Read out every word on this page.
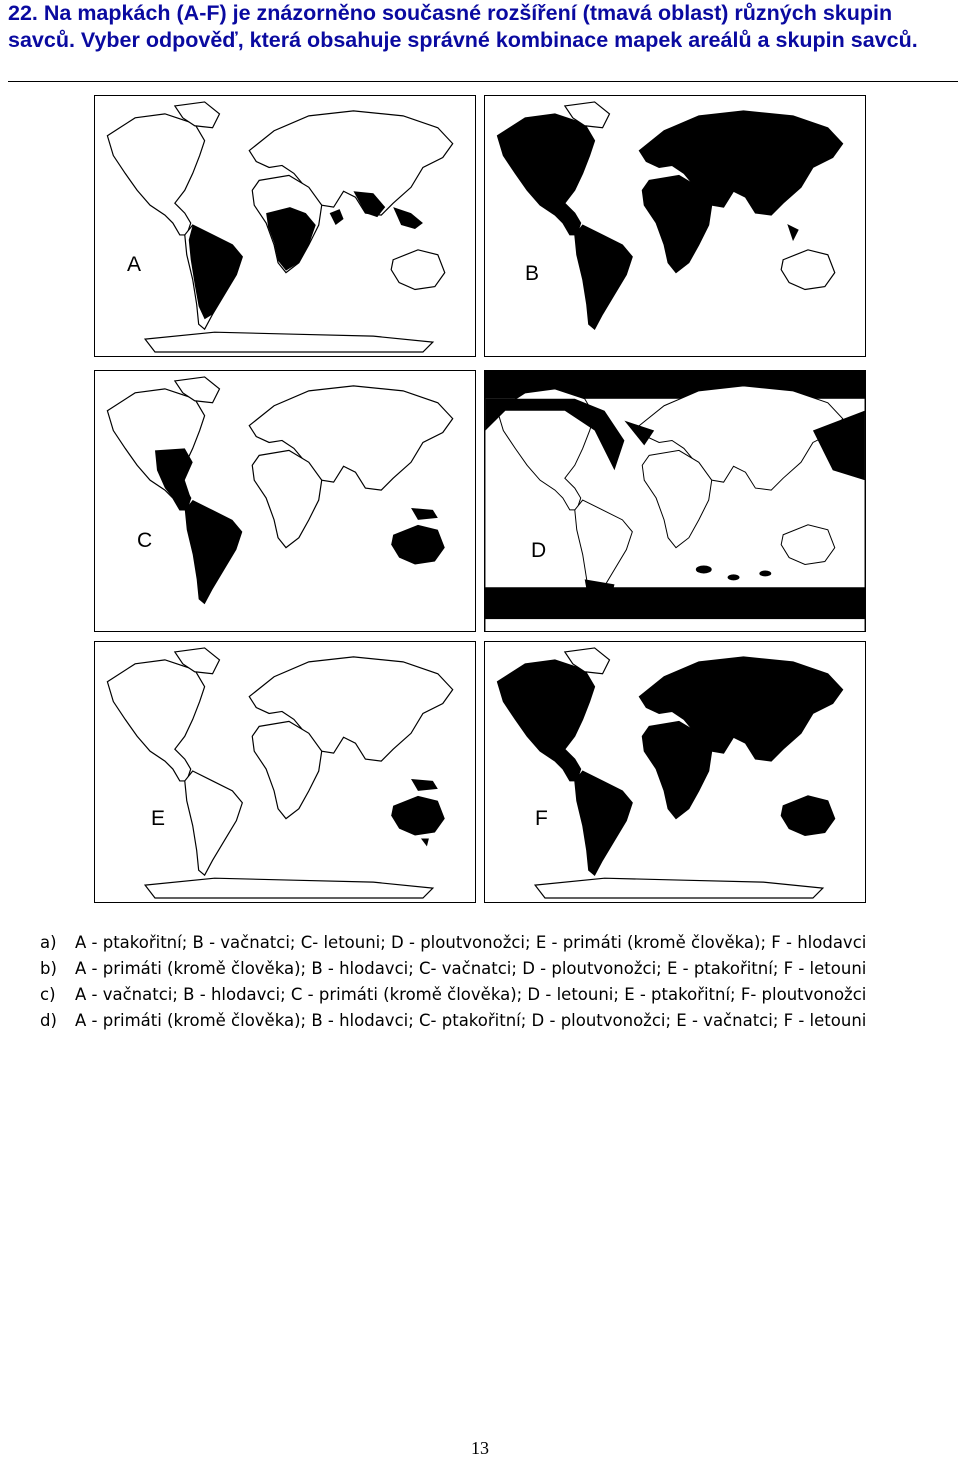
22. Na mapkách (A-F) je znázorněno současné rozšíření (tmavá oblast) různých skupin savců. Vyber odpověď, která obsahuje správné kombinace mapek areálů a skupin savců.

A	B
C	D
E	F
a) A - ptakořitní; B - vačnatci; C- letouni; D - ploutvonožci; E - primáti (kromě člověka); F - hlodavci
b) A - primáti (kromě člověka); B - hlodavci; C- vačnatci; D - ploutvonožci; E - ptakořitní; F - letouni
c) A - vačnatci; B - hlodavci; C - primáti (kromě člověka); D - letouni; E - ptakořitní; F- ploutvonožci
d) A - primáti (kromě člověka); B - hlodavci; C- ptakořitní; D - ploutvonožci; E - vačnatci; F - letouni
13
